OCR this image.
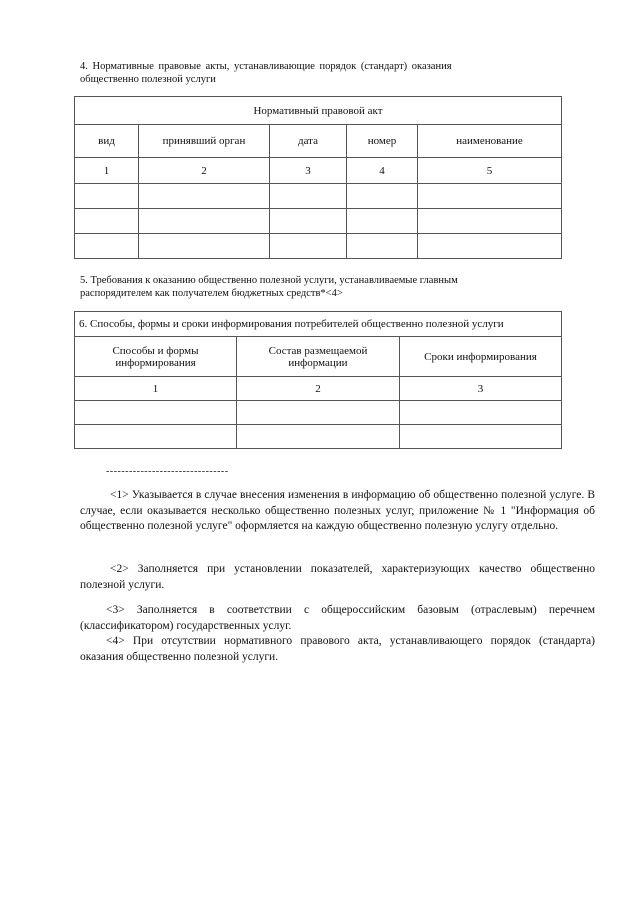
4. Нормативные правовые акты, устанавливающие порядок (стандарт) оказания
общественно полезной услуги
Нормативный правовой акт				
вид	принявший орган	дата	номер	наименование
1	2	3	4	5

5. Требования к оказанию общественно полезной услуги, устанавливаемые главным
распорядителем как получателем бюджетных средств*<4>
6. Способы, формы и сроки информирования потребителей общественно полезной услуги		
Способы и формы информирования	Состав размещаемой информации	Сроки информирования
1	2	3

--------------------------------
<1> Указывается в случае внесения изменения в информацию об общественно полезной услуге. В случае, если оказывается несколько общественно полезных услуг, приложение № 1 "Информация об общественно полезной услуге" оформляется на каждую общественно полезную услугу отдельно.
<2> Заполняется при установлении показателей, характеризующих качество общественно полезной услуги.
<3> Заполняется в соответствии с общероссийским базовым (отраслевым) перечнем (классификатором) государственных услуг.
<4> При отсутствии нормативного правового акта, устанавливающего порядок (стандарта) оказания общественно полезной услуги.
